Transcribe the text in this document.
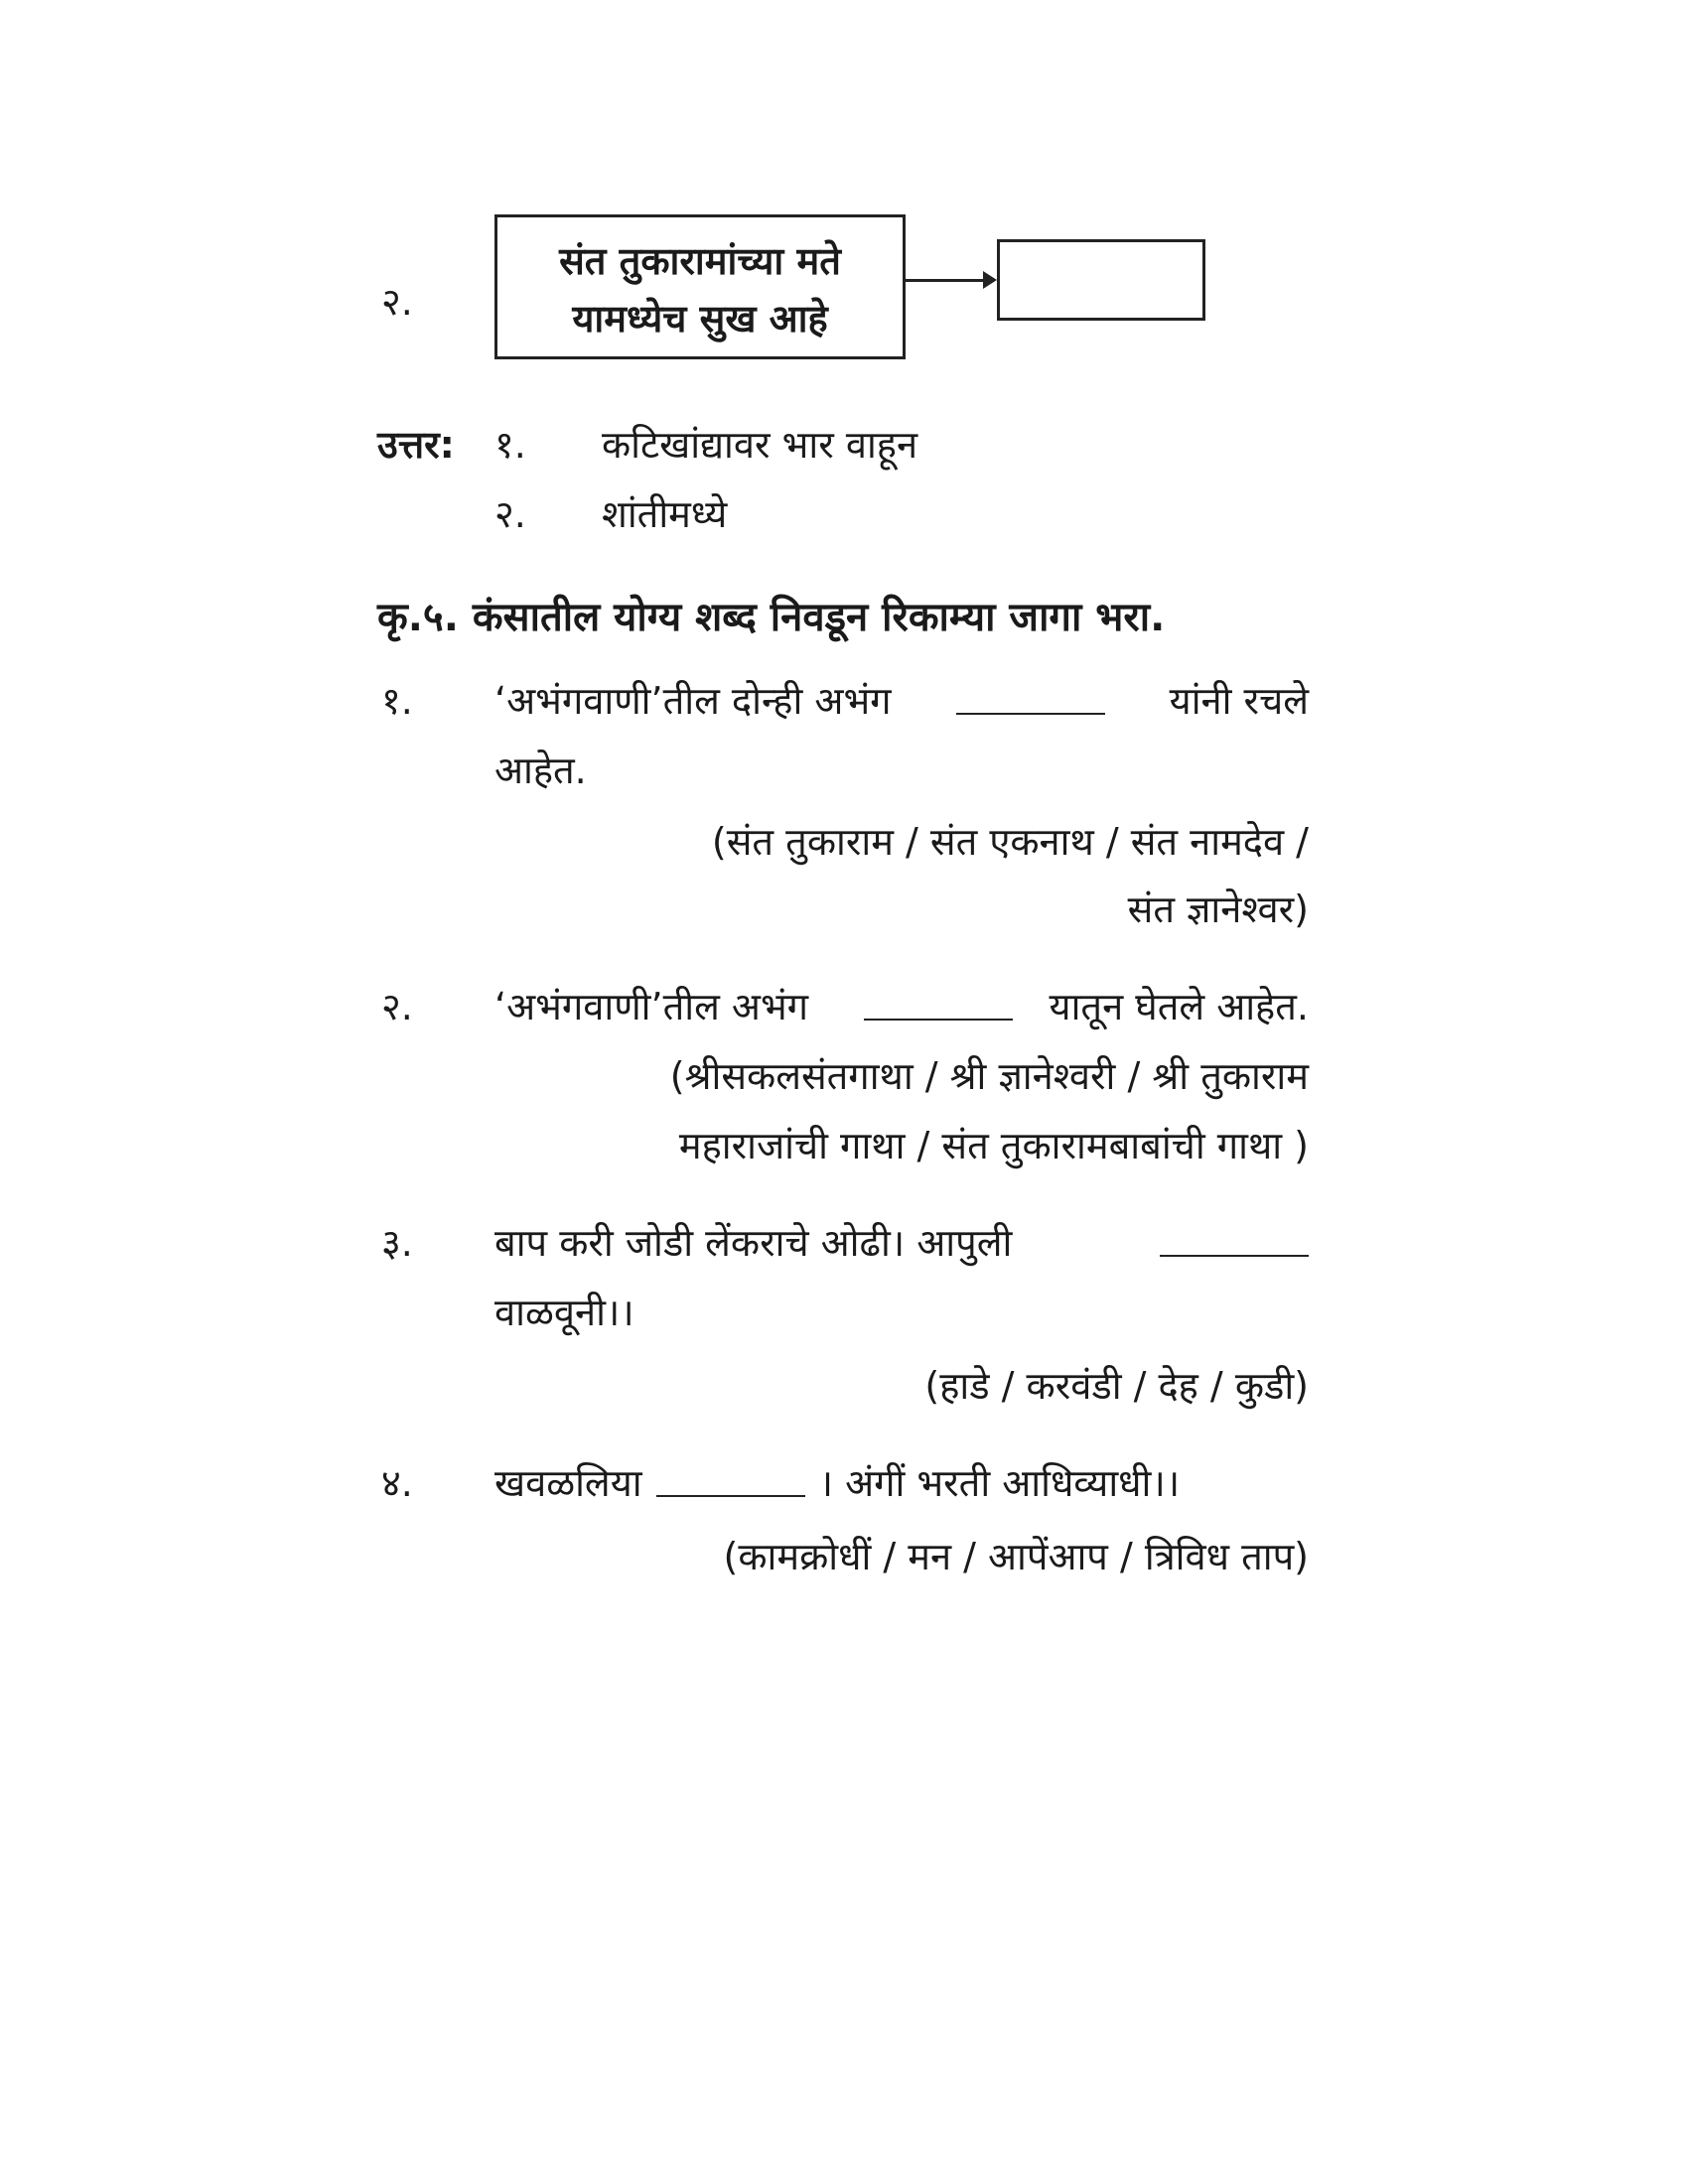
२.
संत तुकारामांच्या मते
यामध्येच सुख आहे
उत्तर: १. कटिखांद्यावर भार वाहून
२. शांतीमध्ये
कृ.५. कंसातील योग्य शब्द निवडून रिकाम्या जागा भरा.
१. ‘अभंगवाणी’तील दोन्ही अभंग	यांनी रचले
आहेत.
(संत तुकाराम / संत एकनाथ / संत नामदेव /
संत ज्ञानेश्वर)
२. ‘अभंगवाणी’तील अभंग	यातून घेतले आहेत.
(श्रीसकलसंतगाथा / श्री ज्ञानेश्वरी / श्री तुकाराम
महाराजांची गाथा / संत तुकारामबाबांची गाथा )
३. बाप करी जोडी लेंकराचे ओढी। आपुली
वाळवूनी।।
(हाडे / करवंडी / देह / कुडी)
४. खवळलिया	। अंगीं भरती आधिव्याधी।।
(कामक्रोधीं / मन / आपेंआप / त्रिविध ताप)
